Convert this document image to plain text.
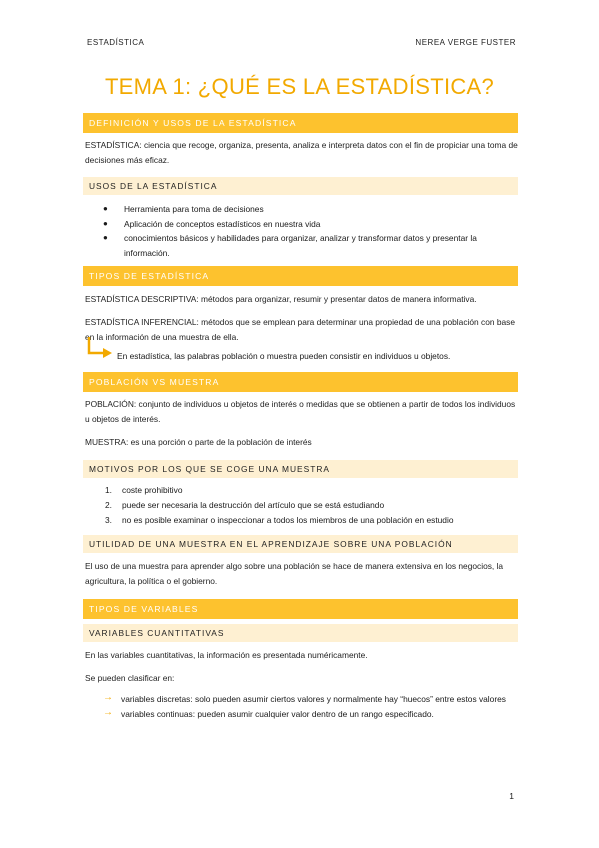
ESTADÍSTICA	NEREA VERGE FUSTER
TEMA 1: ¿QUÉ ES LA ESTADÍSTICA?
DEFINICIÓN Y USOS DE LA ESTADÍSTICA

ESTADÍSTICA: ciencia que recoge, organiza, presenta, analiza e interpreta datos con el fin de propiciar una toma de decisiones más eficaz.

USOS DE LA ESTADÍSTICA
● Herramienta para toma de decisiones
● Aplicación de conceptos estadísticos en nuestra vida
● conocimientos básicos y habilidades para organizar, analizar y transformar datos y presentar la información.
TIPOS DE ESTADÍSTICA

ESTADÍSTICA DESCRIPTIVA: métodos para organizar, resumir y presentar datos de manera informativa.

ESTADÍSTICA INFERENCIAL: métodos que se emplean para determinar una propiedad de una población con base en la información de una muestra de ella.

En estadística, las palabras población o muestra pueden consistir en individuos u objetos.
POBLACIÓN VS MUESTRA

POBLACIÓN: conjunto de individuos u objetos de interés o medidas que se obtienen a partir de todos los individuos u objetos de interés.

MUESTRA: es una porción o parte de la población de interés

MOTIVOS POR LOS QUE SE COGE UNA MUESTRA
1. coste prohibitivo
2. puede ser necesaria la destrucción del artículo que se está estudiando
3. no es posible examinar o inspeccionar a todos los miembros de una población en estudio
UTILIDAD DE UNA MUESTRA EN EL APRENDIZAJE SOBRE UNA POBLACIÓN

El uso de una muestra para aprender algo sobre una población se hace de manera extensiva en los negocios, la agricultura, la política o el gobierno.

TIPOS DE VARIABLES
VARIABLES CUANTITATIVAS

En las variables cuantitativas, la información es presentada numéricamente.

Se pueden clasificar en:

→ variables discretas: solo pueden asumir ciertos valores y normalmente hay “huecos” entre estos valores
→ variables continuas: pueden asumir cualquier valor dentro de un rango especificado.
1
